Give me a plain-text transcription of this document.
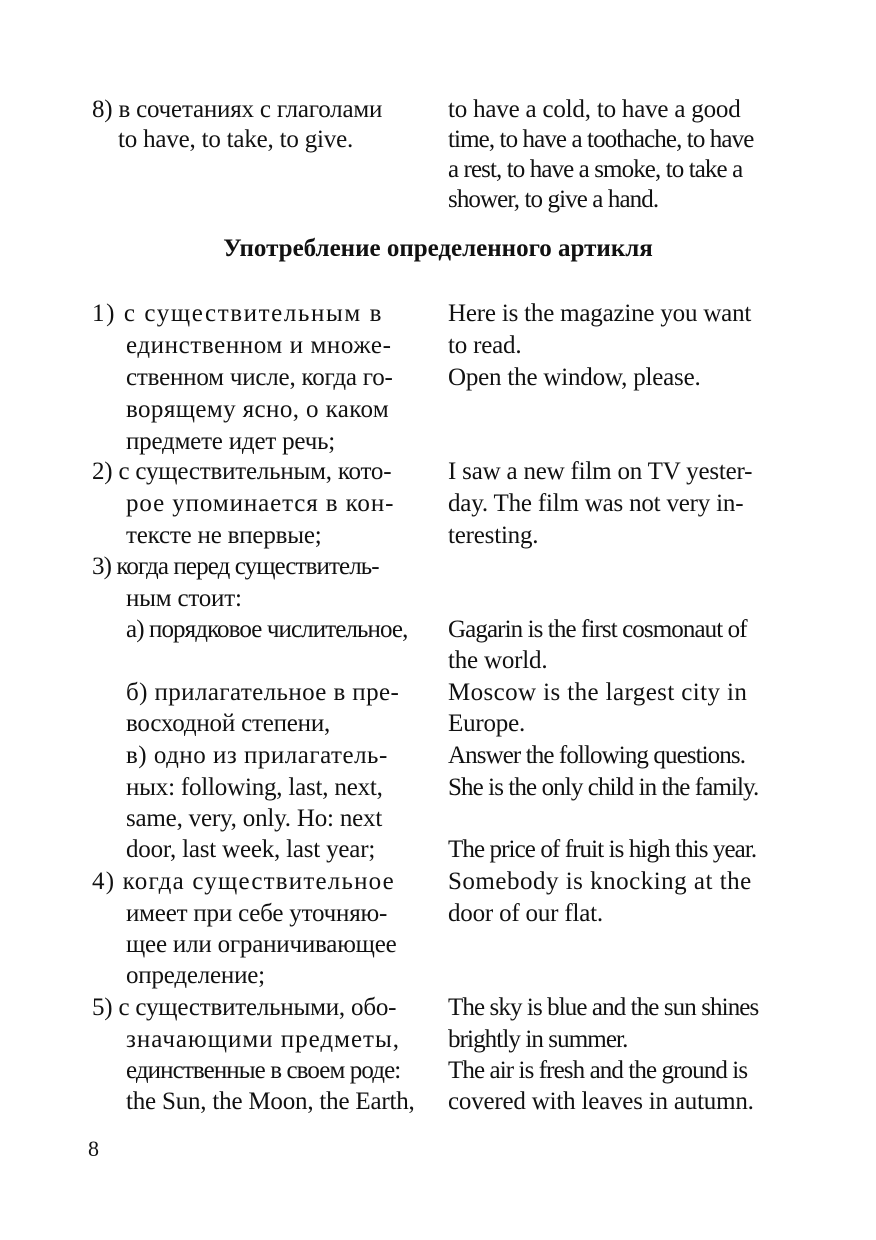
8) в сочетаниях с глаголами
to have, to take, to give.
to have a cold, to have a good
time, to have a toothache, to have
a rest, to have a smoke, to take a
shower, to give a hand.
Употребление определенного артикля
1) с существительным в
единственном и множе-
ственном числе, когда го-
ворящему ясно, о каком
предмете идет речь;
Here is the magazine you want
to read.
Open the window, please.
2) с существительным, кото-
рое упоминается в кон-
тексте не впервые;
I saw a new film on TV yester-
day. The film was not very in-
teresting.
3) когда перед существитель-
ным стоит:
а) порядковое числительное, Gagarin is the first cosmonaut of
the world.
б) прилагательное в пре-
восходной степени,
Moscow is the largest city in
Europe.
в) одно из прилагатель-
ных: following, last, next,
same, very, only. Но: next
door, last week, last year;
Answer the following questions.
She is the only child in the family.
The price of fruit is high this year.
4) когда существительное
имеет при себе уточняю-
щее или ограничивающее
определение;
Somebody is knocking at the
door of our flat.
5) с существительными, обо-
значающими предметы,
единственные в своем роде:
the Sun, the Moon, the Earth,
The sky is blue and the sun shines
brightly in summer.
The air is fresh and the ground is
covered with leaves in autumn.
8
